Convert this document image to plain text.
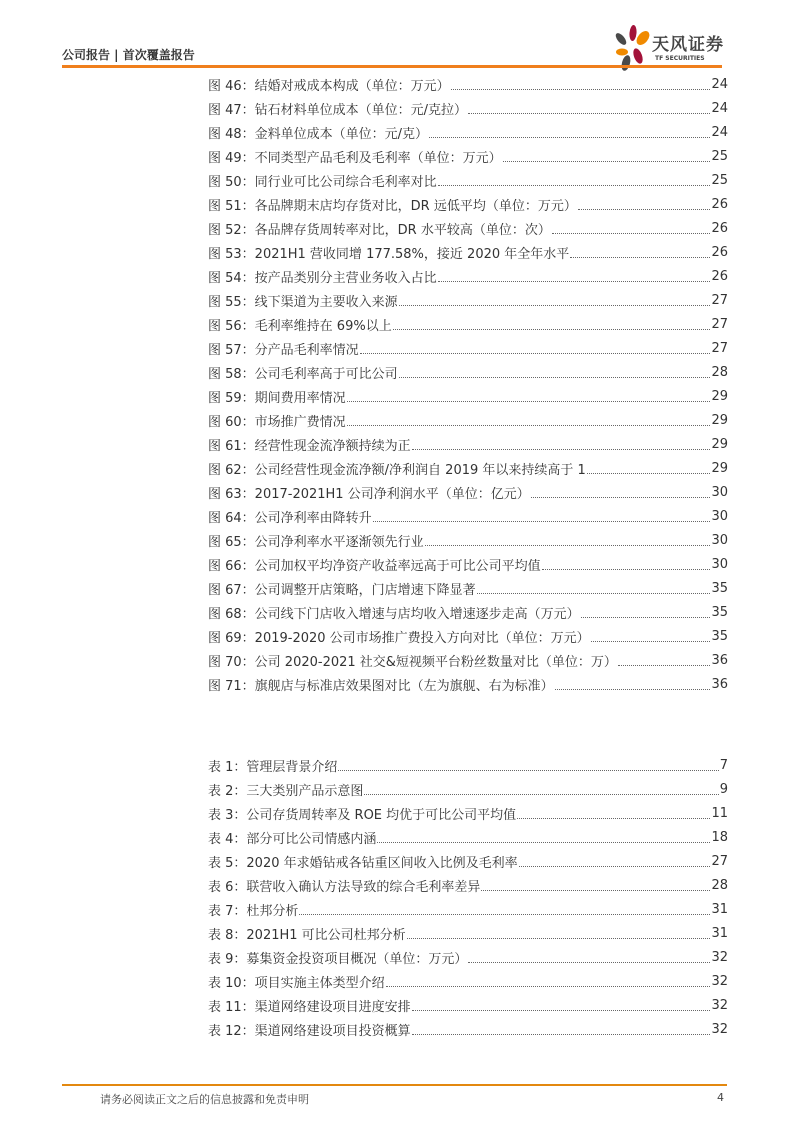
公司报告 | 首次覆盖报告	天风证券
TF SECURITIES
图 46：结婚对戒成本构成（单位：万元）	24
图 47：钻石材料单位成本（单位：元/克拉）	24
图 48：金料单位成本（单位：元/克）	24
图 49：不同类型产品毛利及毛利率（单位：万元）	25
图 50：同行业可比公司综合毛利率对比	25
图 51：各品牌期末店均存货对比，DR 远低平均（单位：万元）	26
图 52：各品牌存货周转率对比，DR 水平较高（单位：次）	26
图 53：2021H1 营收同增 177.58%，接近 2020 年全年水平	26
图 54：按产品类别分主营业务收入占比	26
图 55：线下渠道为主要收入来源	27
图 56：毛利率维持在 69%以上	27
图 57：分产品毛利率情况	27
图 58：公司毛利率高于可比公司	28
图 59：期间费用率情况	29
图 60：市场推广费情况	29
图 61：经营性现金流净额持续为正	29
图 62：公司经营性现金流净额/净利润自 2019 年以来持续高于 1	29
图 63：2017-2021H1 公司净利润水平（单位：亿元）	30
图 64：公司净利率由降转升	30
图 65：公司净利率水平逐渐领先行业	30
图 66：公司加权平均净资产收益率远高于可比公司平均值	30
图 67：公司调整开店策略，门店增速下降显著	35
图 68：公司线下门店收入增速与店均收入增速逐步走高（万元）	35
图 69：2019-2020 公司市场推广费投入方向对比（单位：万元）	35
图 70：公司 2020-2021 社交&短视频平台粉丝数量对比（单位：万）	36
图 71：旗舰店与标准店效果图对比（左为旗舰、右为标准）	36
表 1：管理层背景介绍	7
表 2：三大类别产品示意图	9
表 3：公司存货周转率及 ROE 均优于可比公司平均值	11
表 4：部分可比公司情感内涵	18
表 5：2020 年求婚钻戒各钻重区间收入比例及毛利率	27
表 6：联营收入确认方法导致的综合毛利率差异	28
表 7：杜邦分析	31
表 8：2021H1 可比公司杜邦分析	31
表 9：募集资金投资项目概况（单位：万元）	32
表 10：项目实施主体类型介绍	32
表 11：渠道网络建设项目进度安排	32
表 12：渠道网络建设项目投资概算	32
请务必阅读正文之后的信息披露和免责申明	4
